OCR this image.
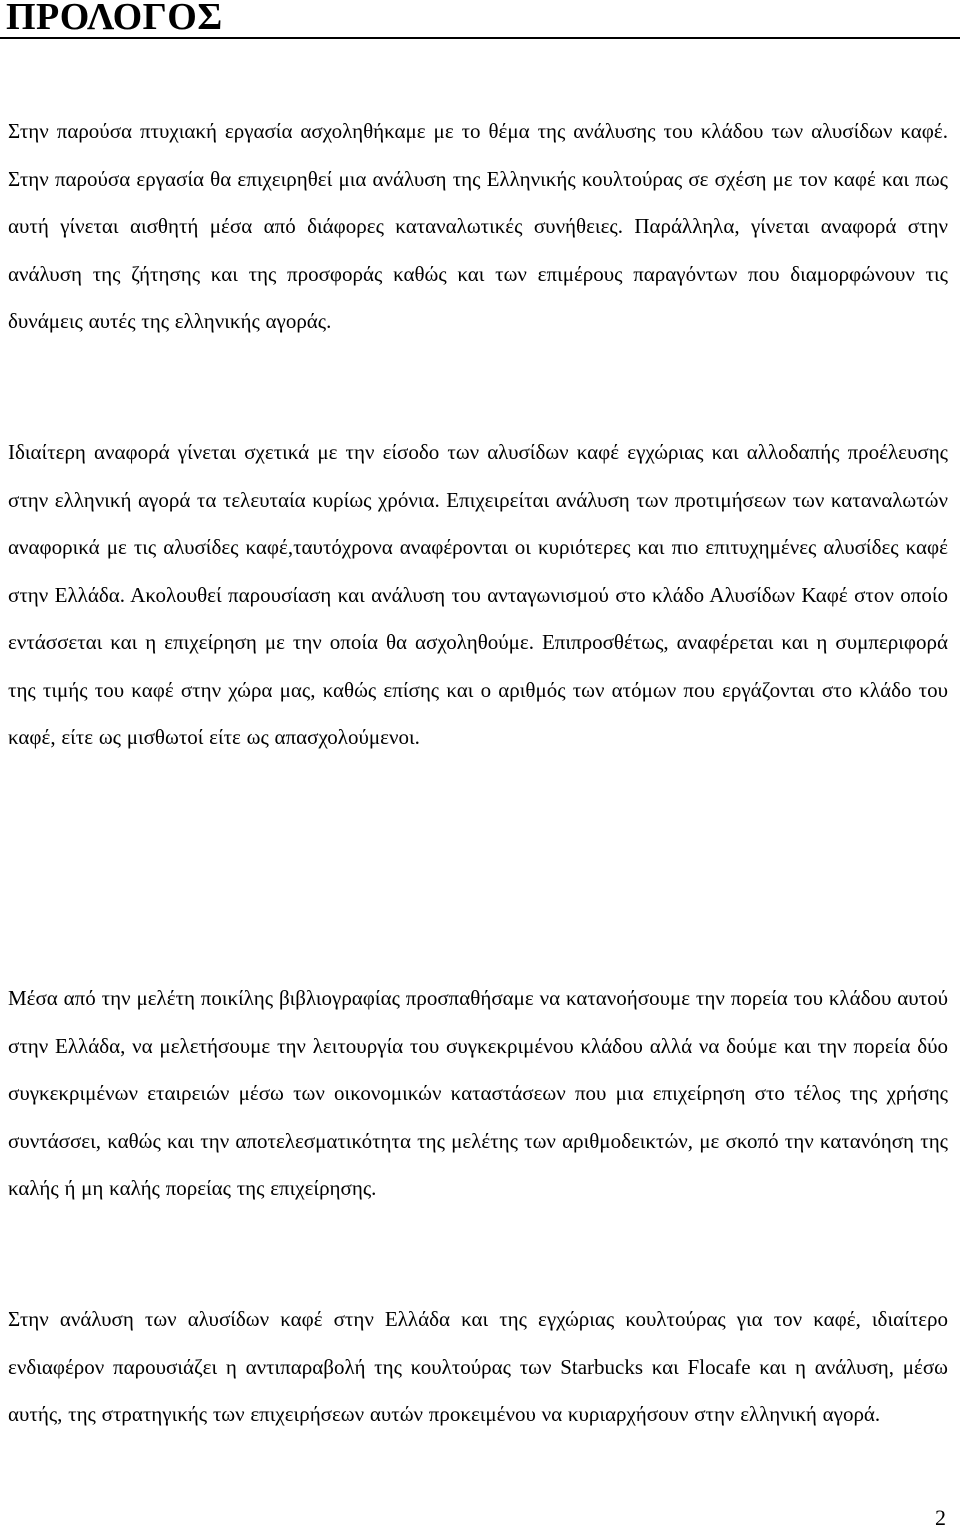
ΠΡΟΛΟΓΟΣ

Στην παρούσα πτυχιακή εργασία ασχοληθήκαμε με το θέμα της ανάλυσης του κλάδου των αλυσίδων καφέ. Στην παρούσα εργασία θα επιχειρηθεί μια ανάλυση της Ελληνικής κουλτούρας σε σχέση με τον καφέ και πως αυτή γίνεται αισθητή μέσα από διάφορες καταναλωτικές συνήθειες. Παράλληλα, γίνεται αναφορά στην ανάλυση της ζήτησης και της προσφοράς καθώς και των επιμέρους παραγόντων που διαμορφώνουν τις δυνάμεις αυτές της ελληνικής αγοράς.

Ιδιαίτερη αναφορά γίνεται σχετικά με την είσοδο των αλυσίδων καφέ εγχώριας και αλλοδαπής προέλευσης στην ελληνική αγορά τα τελευταία κυρίως χρόνια. Επιχειρείται ανάλυση των προτιμήσεων των καταναλωτών αναφορικά με τις αλυσίδες καφέ,ταυτόχρονα αναφέρονται οι κυριότερες και πιο επιτυχημένες αλυσίδες καφέ στην Ελλάδα. Ακολουθεί παρουσίαση και ανάλυση του ανταγωνισμού στο κλάδο Αλυσίδων Καφέ στον οποίο εντάσσεται και η επιχείρηση με την οποία θα ασχοληθούμε. Επιπροσθέτως, αναφέρεται και η συμπεριφορά της τιμής του καφέ στην χώρα μας, καθώς επίσης και ο αριθμός των ατόμων που εργάζονται στο κλάδο του καφέ, είτε ως μισθωτοί είτε ως απασχολούμενοι.

Μέσα από την μελέτη ποικίλης βιβλιογραφίας προσπαθήσαμε να κατανοήσουμε την πορεία του κλάδου αυτού στην Ελλάδα, να μελετήσουμε την λειτουργία του συγκεκριμένου κλάδου αλλά να δούμε και την πορεία δύο συγκεκριμένων εταιρειών μέσω των οικονομικών καταστάσεων που μια επιχείρηση στο τέλος της χρήσης συντάσσει, καθώς και την αποτελεσματικότητα της μελέτης των αριθμοδεικτών, με σκοπό την κατανόηση της καλής ή μη καλής πορείας της επιχείρησης.

Στην ανάλυση των αλυσίδων καφέ στην Ελλάδα και της εγχώριας κουλτούρας για τον καφέ, ιδιαίτερο ενδιαφέρον παρουσιάζει η αντιπαραβολή της κουλτούρας των Starbucks και Flocafe και η ανάλυση, μέσω αυτής, της στρατηγικής των επιχειρήσεων αυτών προκειμένου να κυριαρχήσουν στην ελληνική αγορά.

2
